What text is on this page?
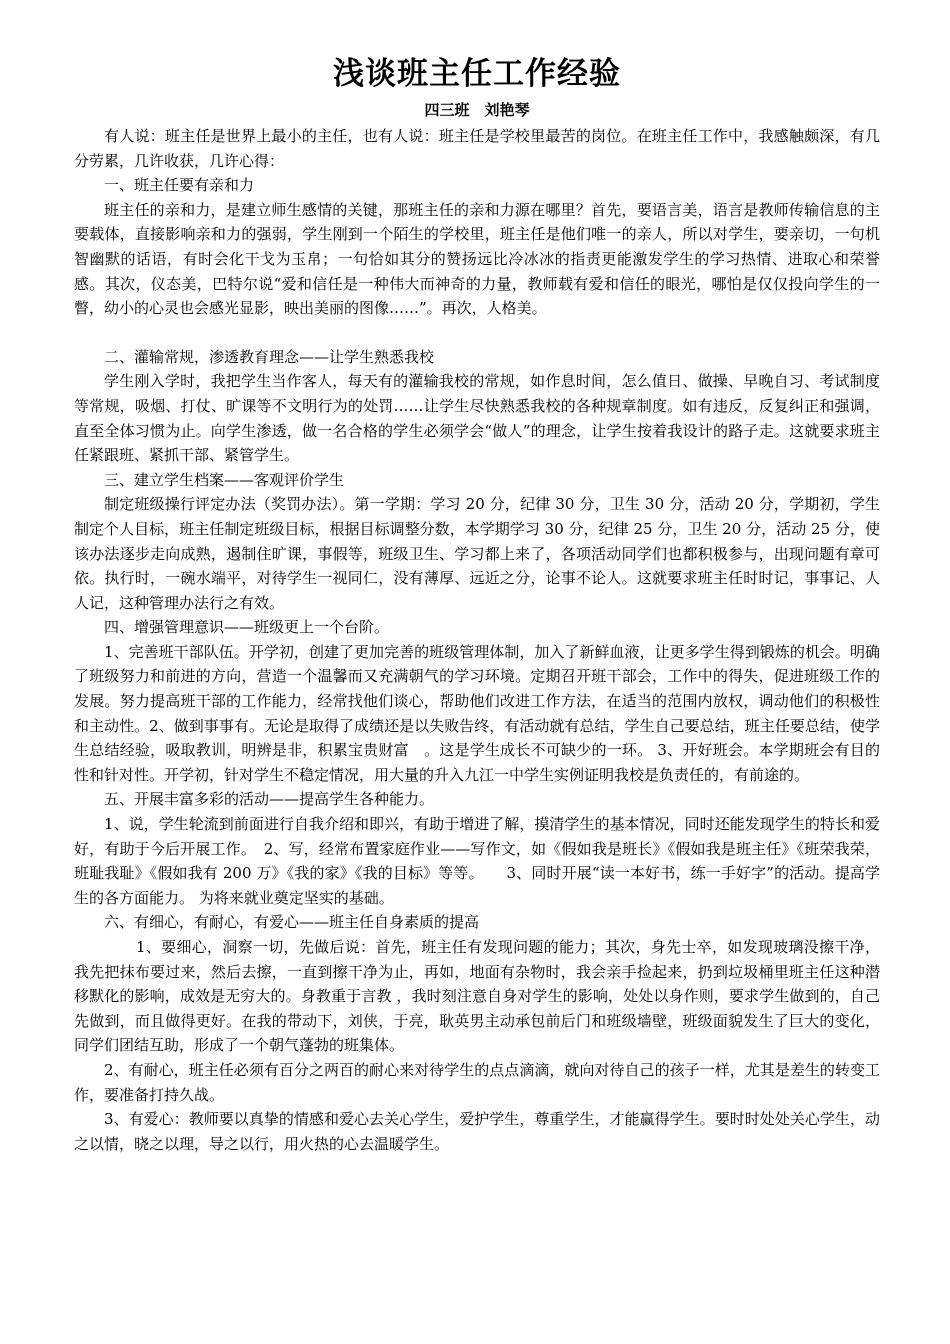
浅谈班主任工作经验
四三班　刘艳琴

有人说：班主任是世界上最小的主任，也有人说：班主任是学校里最苦的岗位。在班主任工作中，我感触颇深，有几分劳累，几许收获，几许心得：

一、班主任要有亲和力

班主任的亲和力，是建立师生感情的关键，那班主任的亲和力源在哪里？首先，要语言美，语言是教师传输信息的主要载体，直接影响亲和力的强弱，学生刚到一个陌生的学校里，班主任是他们唯一的亲人，所以对学生，要亲切，一句机智幽默的话语，有时会化干戈为玉帛；一句恰如其分的赞扬远比冷冰冰的指责更能激发学生的学习热情、进取心和荣誉感。其次，仪态美，巴特尔说“爱和信任是一种伟大而神奇的力量，教师载有爱和信任的眼光，哪怕是仅仅投向学生的一瞥，幼小的心灵也会感光显影，映出美丽的图像……”。再次，人格美。

二、灌输常规，渗透教育理念——让学生熟悉我校

学生刚入学时，我把学生当作客人，每天有的灌输我校的常规，如作息时间，怎么值日、做操、早晚自习、考试制度等常规，吸烟、打仗、旷课等不文明行为的处罚……让学生尽快熟悉我校的各种规章制度。如有违反，反复纠正和强调，直至全体习惯为止。向学生渗透，做一名合格的学生必须学会“做人”的理念，让学生按着我设计的路子走。这就要求班主任紧跟班、紧抓干部、紧管学生。

三、建立学生档案——客观评价学生

制定班级操行评定办法（奖罚办法）。第一学期：学习 20 分，纪律 30 分，卫生 30 分，活动 20 分，学期初，学生制定个人目标，班主任制定班级目标，根据目标调整分数，本学期学习 30 分，纪律 25 分，卫生 20 分，活动 25 分，使该办法逐步走向成熟，遏制住旷课，事假等，班级卫生、学习都上来了，各项活动同学们也都积极参与，出现问题有章可依。执行时，一碗水端平，对待学生一视同仁，没有薄厚、远近之分，论事不论人。这就要求班主任时时记，事事记、人人记，这种管理办法行之有效。

四、增强管理意识——班级更上一个台阶。

1、完善班干部队伍。开学初，创建了更加完善的班级管理体制，加入了新鲜血液，让更多学生得到锻炼的机会。明确了班级努力和前进的方向，营造一个温馨而又充满朝气的学习环境。定期召开班干部会，工作中的得失，促进班级工作的发展。努力提高班干部的工作能力，经常找他们谈心，帮助他们改进工作方法，在适当的范围内放权，调动他们的积极性和主动性。2、做到事事有。无论是取得了成绩还是以失败告终，有活动就有总结，学生自己要总结，班主任要总结，使学生总结经验，吸取教训，明辨是非，积累宝贵财富　。这是学生成长不可缺少的一环。 3、开好班会。本学期班会有目的性和针对性。开学初，针对学生不稳定情况，用大量的升入九江一中学生实例证明我校是负责任的，有前途的。

五、开展丰富多彩的活动——提高学生各种能力。

1、说，学生轮流到前面进行自我介绍和即兴，有助于增进了解，摸清学生的基本情况，同时还能发现学生的特长和爱好，有助于今后开展工作。　2、写，经常布置家庭作业——写作文，如《假如我是班长》《假如我是班主任》《班荣我荣，班耻我耻》《假如我有 200 万》《我的家》《我的目标》等等。　　3、同时开展“读一本好书，练一手好字”的活动。提高学生的各方面能力。 为将来就业奠定坚实的基础。

六、有细心，有耐心，有爱心——班主任自身素质的提高

1、要细心，洞察一切，先做后说：首先，班主任有发现问题的能力；其次，身先士卒，如发现玻璃没擦干净，我先把抹布要过来，然后去擦，一直到擦干净为止，再如，地面有杂物时，我会亲手捡起来，扔到垃圾桶里班主任这种潜移默化的影响，成效是无穷大的。身教重于言教 ，我时刻注意自身对学生的影响，处处以身作则，要求学生做到的，自己先做到，而且做得更好。在我的带动下，刘侠，于亮，耿英男主动承包前后门和班级墙壁，班级面貌发生了巨大的变化，同学们团结互助，形成了一个朝气蓬勃的班集体。

2、有耐心，班主任必须有百分之两百的耐心来对待学生的点点滴滴，就向对待自己的孩子一样，尤其是差生的转变工作，要准备打持久战。

3、有爱心：教师要以真挚的情感和爱心去关心学生，爱护学生，尊重学生，才能赢得学生。要时时处处关心学生，动之以情，晓之以理，导之以行，用火热的心去温暖学生。
